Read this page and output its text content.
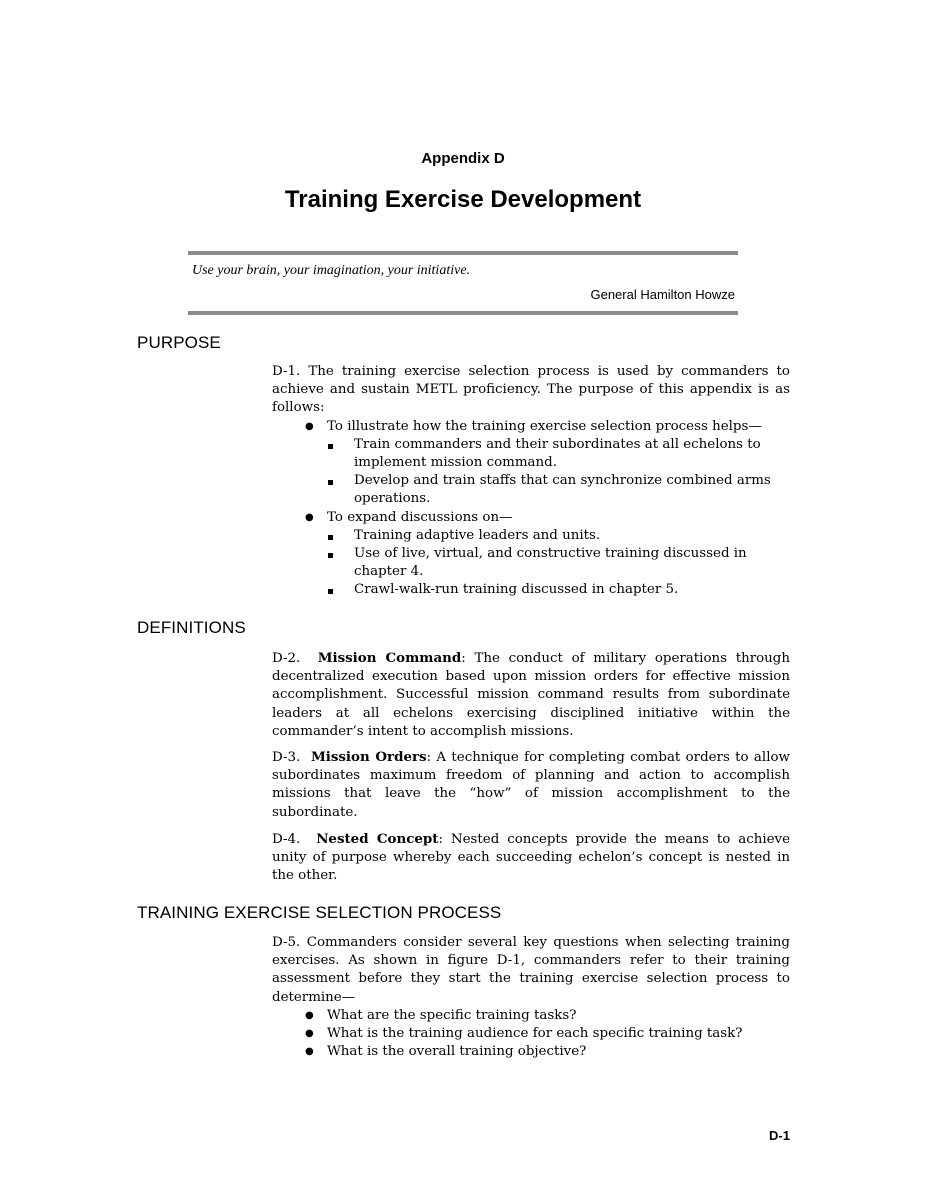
Appendix D
Training Exercise Development
Use your brain, your imagination, your initiative.
General Hamilton Howze
PURPOSE

D-1. The training exercise selection process is used by commanders to achieve and sustain METL proficiency. The purpose of this appendix is as follows:

● To illustrate how the training exercise selection process helps—
Train commanders and their subordinates at all echelons to implement mission command.
Develop and train staffs that can synchronize combined arms operations.
● To expand discussions on—
Training adaptive leaders and units.
Use of live, virtual, and constructive training discussed in chapter 4.
Crawl-walk-run training discussed in chapter 5.
DEFINITIONS

D-2. Mission Command: The conduct of military operations through decentralized execution based upon mission orders for effective mission accomplishment. Successful mission command results from subordinate leaders at all echelons exercising disciplined initiative within the commander’s intent to accomplish missions.

D-3. Mission Orders: A technique for completing combat orders to allow subordinates maximum freedom of planning and action to accomplish missions that leave the “how” of mission accomplishment to the subordinate.

D-4. Nested Concept: Nested concepts provide the means to achieve unity of purpose whereby each succeeding echelon’s concept is nested in the other.

TRAINING EXERCISE SELECTION PROCESS

D-5. Commanders consider several key questions when selecting training exercises. As shown in figure D-1, commanders refer to their training assessment before they start the training exercise selection process to determine—

● What are the specific training tasks?
● What is the training audience for each specific training task?
● What is the overall training objective?
D-1
